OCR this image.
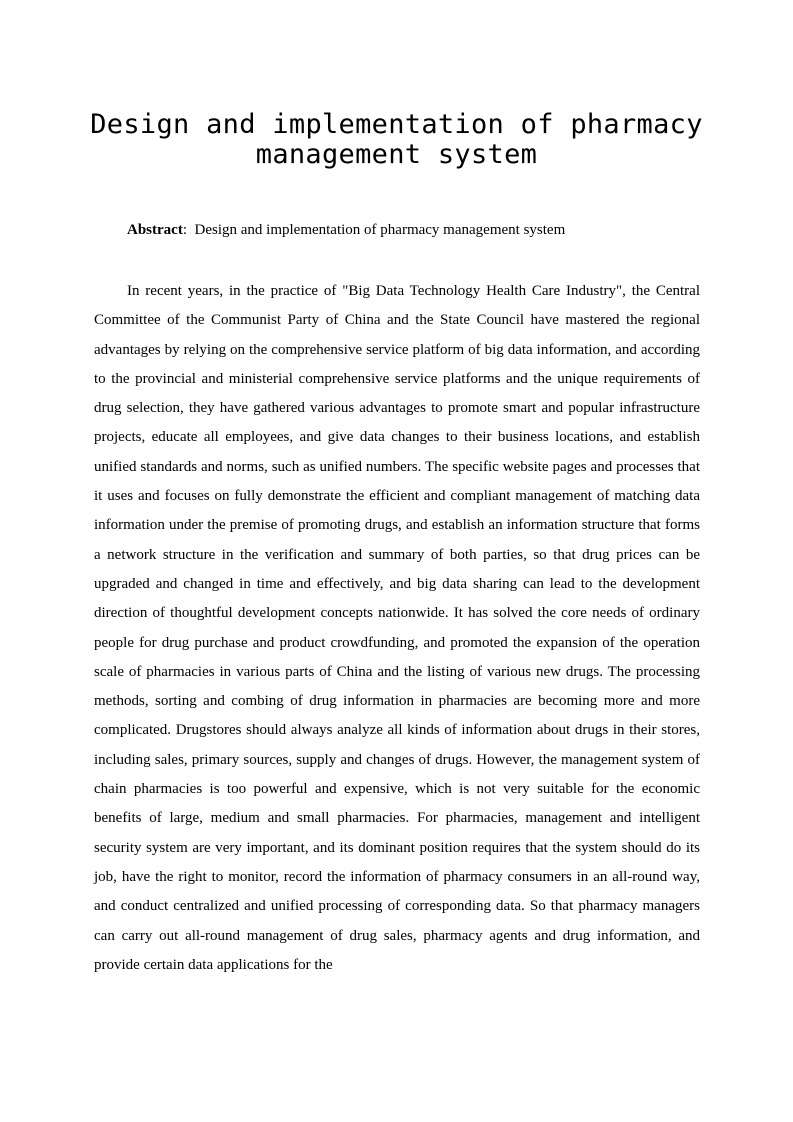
Design and implementation of pharmacy management system

Abstract: Design and implementation of pharmacy management system

In recent years, in the practice of "Big Data Technology Health Care Industry", the Central Committee of the Communist Party of China and the State Council have mastered the regional advantages by relying on the comprehensive service platform of big data information, and according to the provincial and ministerial comprehensive service platforms and the unique requirements of drug selection, they have gathered various advantages to promote smart and popular infrastructure projects, educate all employees, and give data changes to their business locations, and establish unified standards and norms, such as unified numbers. The specific website pages and processes that it uses and focuses on fully demonstrate the efficient and compliant management of matching data information under the premise of promoting drugs, and establish an information structure that forms a network structure in the verification and summary of both parties, so that drug prices can be upgraded and changed in time and effectively, and big data sharing can lead to the development direction of thoughtful development concepts nationwide. It has solved the core needs of ordinary people for drug purchase and product crowdfunding, and promoted the expansion of the operation scale of pharmacies in various parts of China and the listing of various new drugs. The processing methods, sorting and combing of drug information in pharmacies are becoming more and more complicated. Drugstores should always analyze all kinds of information about drugs in their stores, including sales, primary sources, supply and changes of drugs. However, the management system of chain pharmacies is too powerful and expensive, which is not very suitable for the economic benefits of large, medium and small pharmacies. For pharmacies, management and intelligent security system are very important, and its dominant position requires that the system should do its job, have the right to monitor, record the information of pharmacy consumers in an all-round way, and conduct centralized and unified processing of corresponding data. So that pharmacy managers can carry out all-round management of drug sales, pharmacy agents and drug information, and provide certain data applications for the
